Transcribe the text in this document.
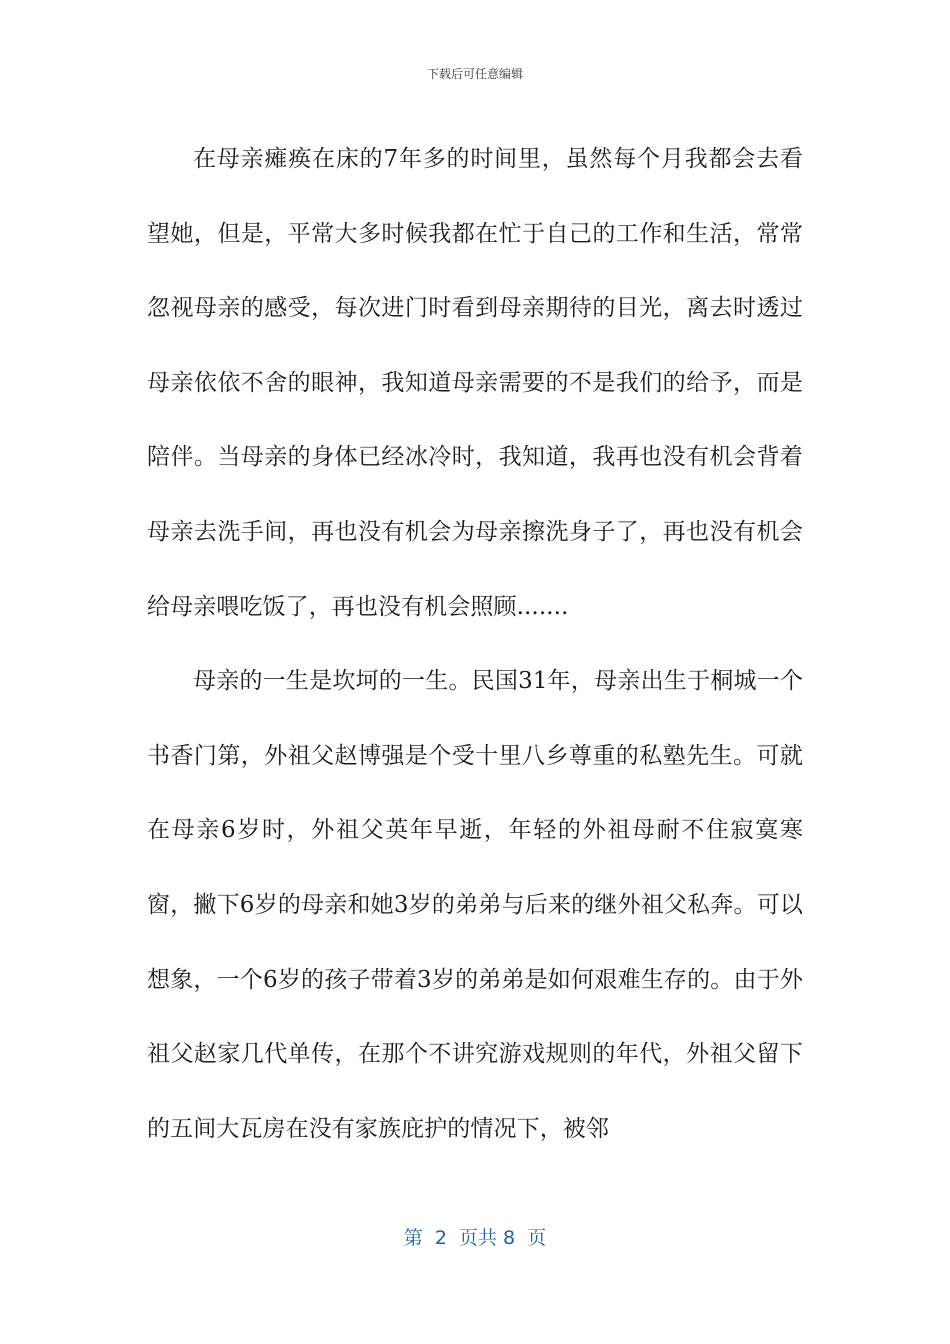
下载后可任意编辑

在母亲瘫痪在床的7年多的时间里，虽然每个月我都会去看望她，但是，平常大多时候我都在忙于自己的工作和生活，常常忽视母亲的感受，每次进门时看到母亲期待的目光，离去时透过母亲依依不舍的眼神，我知道母亲需要的不是我们的给予，而是陪伴。当母亲的身体已经冰冷时，我知道，我再也没有机会背着母亲去洗手间，再也没有机会为母亲擦洗身子了，再也没有机会给母亲喂吃饭了，再也没有机会照顾.......

母亲的一生是坎坷的一生。民国31年，母亲出生于桐城一个书香门第，外祖父赵博强是个受十里八乡尊重的私塾先生。可就在母亲6岁时，外祖父英年早逝，年轻的外祖母耐不住寂寞寒窗，撇下6岁的母亲和她3岁的弟弟与后来的继外祖父私奔。可以想象，一个6岁的孩子带着3岁的弟弟是如何艰难生存的。由于外祖父赵家几代单传，在那个不讲究游戏规则的年代，外祖父留下的五间大瓦房在没有家族庇护的情况下，被邻

第  2  页共 8  页
